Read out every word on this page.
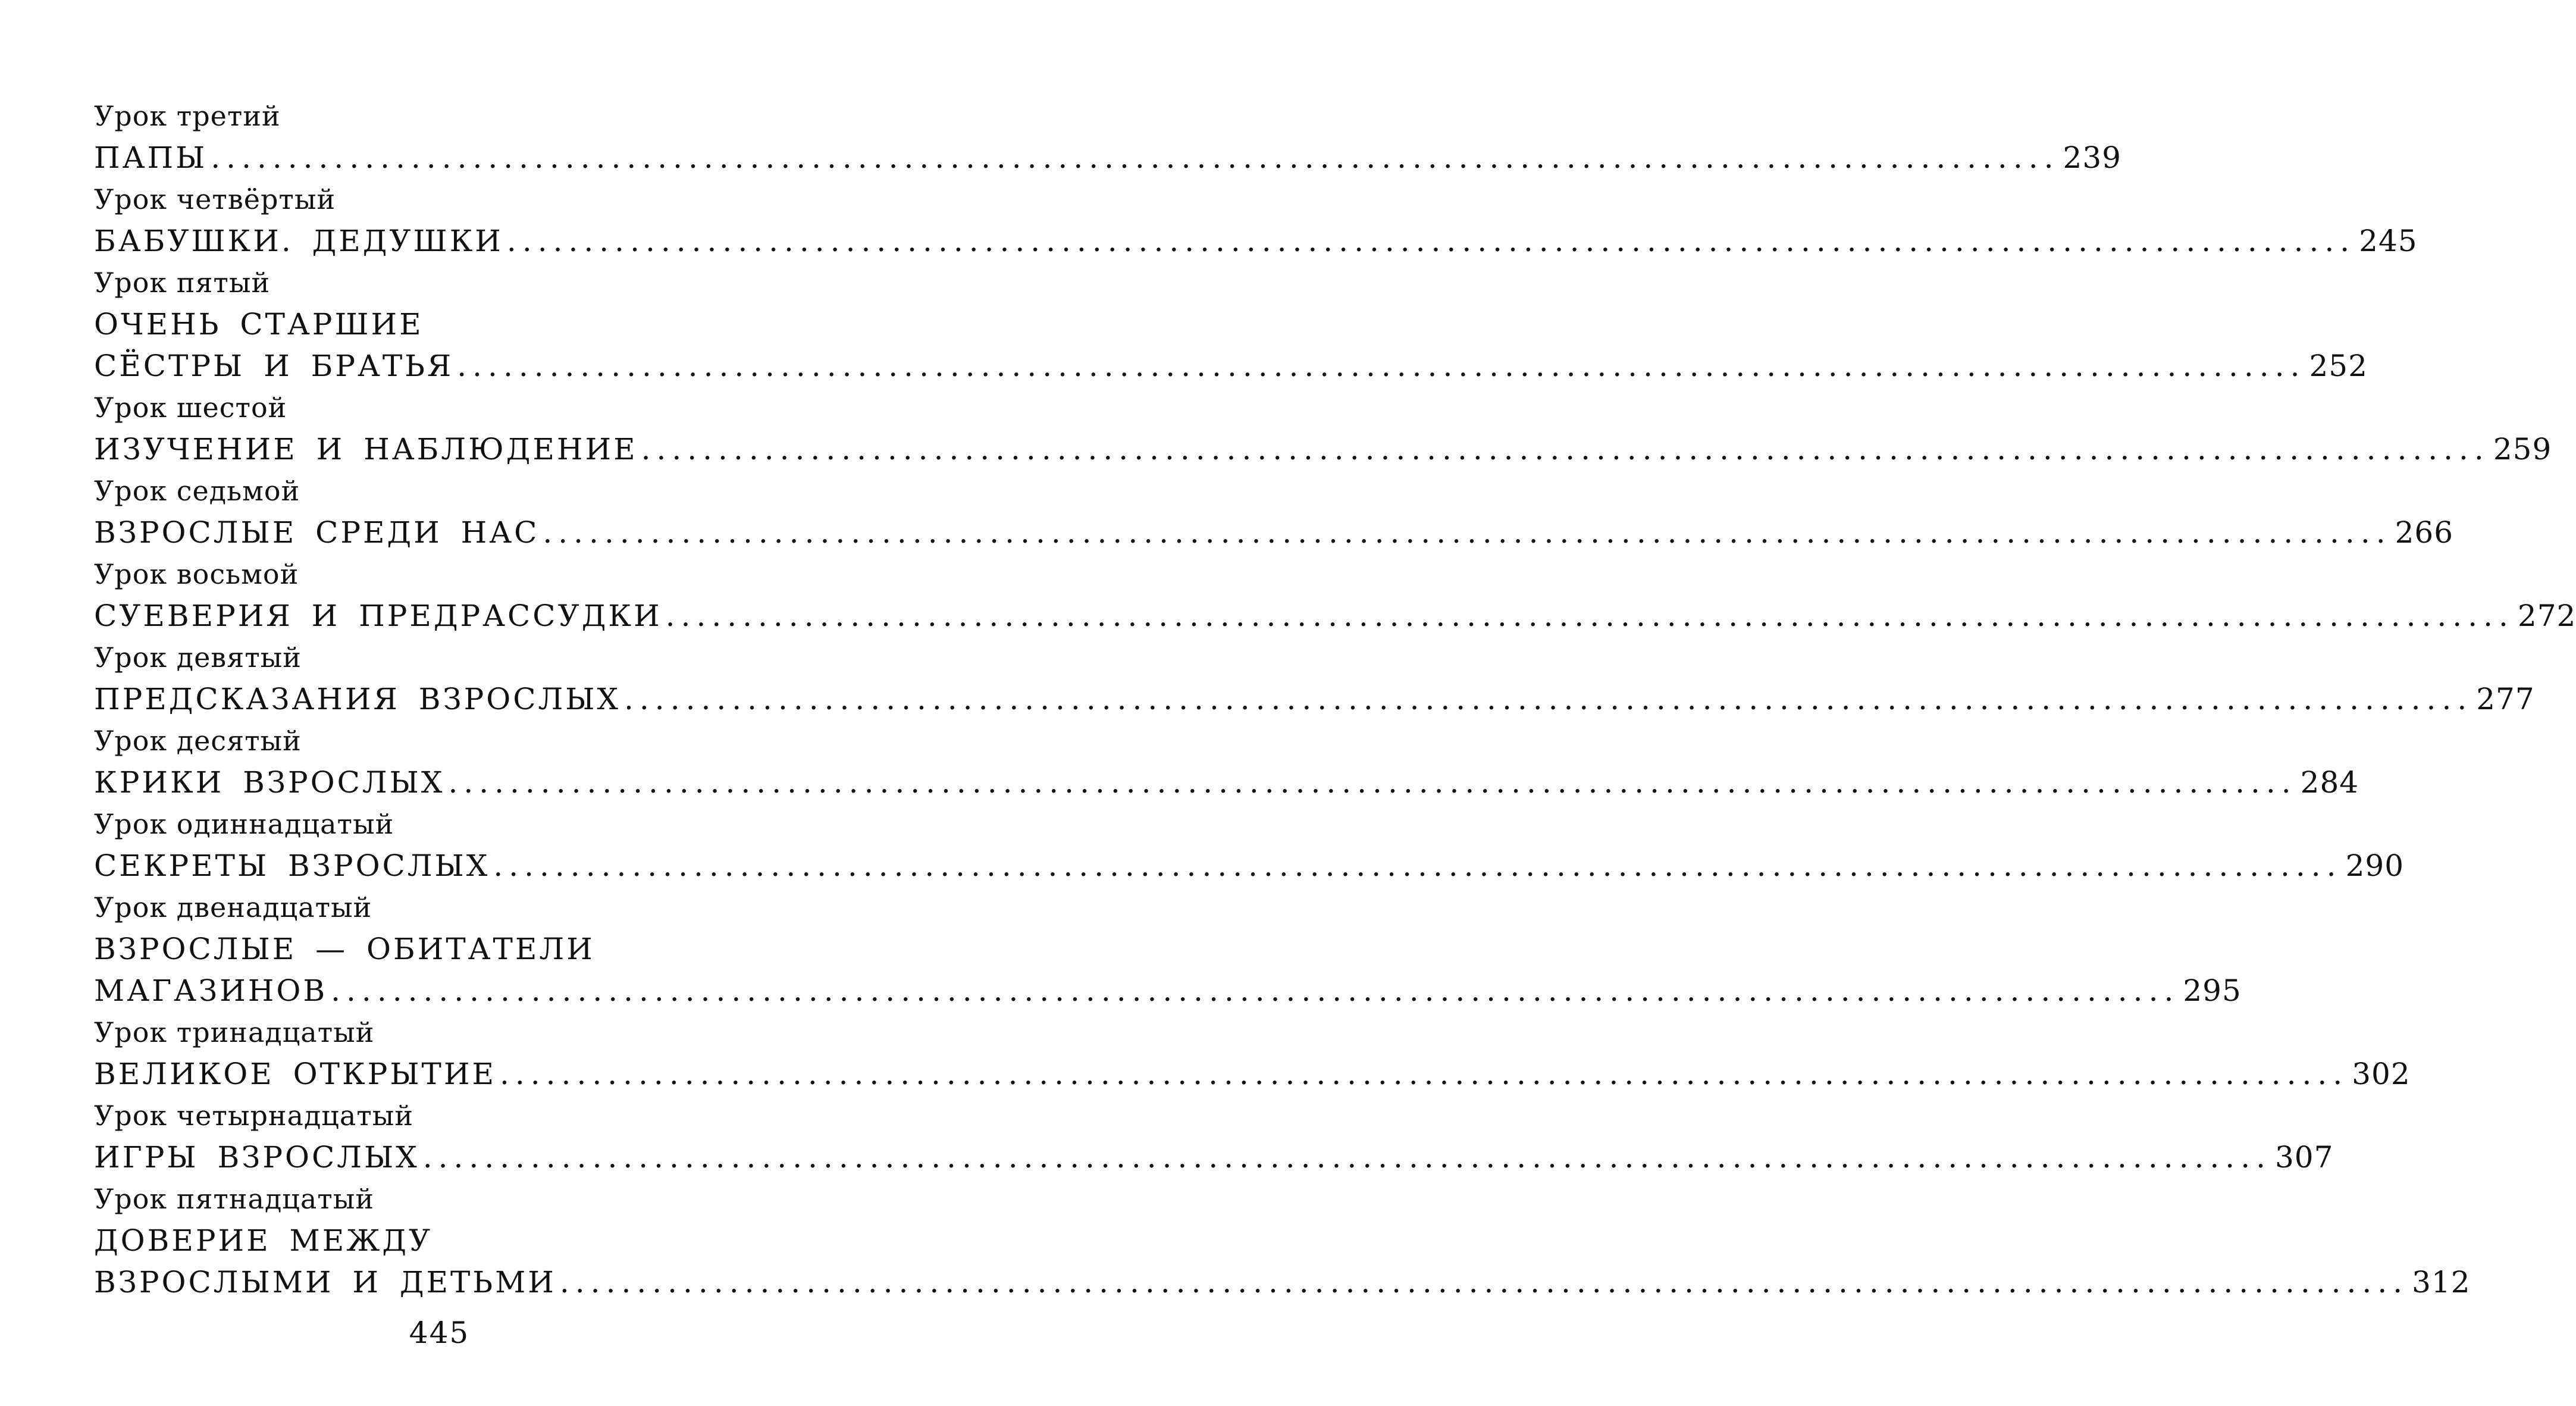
Урок третий
ПАПЫ ........................................................................................................................ 239
Урок четвёртый
БАБУШКИ. ДЕДУШКИ ........................................................................................................................ 245
Урок пятый
ОЧЕНЬ СТАРШИЕ
СЁСТРЫ И БРАТЬЯ ........................................................................................................................ 252
Урок шестой
ИЗУЧЕНИЕ И НАБЛЮДЕНИЕ ........................................................................................................................ 259
Урок седьмой
ВЗРОСЛЫЕ СРЕДИ НАС ........................................................................................................................ 266
Урок восьмой
СУЕВЕРИЯ И ПРЕДРАССУДКИ ........................................................................................................................ 272
Урок девятый
ПРЕДСКАЗАНИЯ ВЗРОСЛЫХ ........................................................................................................................ 277
Урок десятый
КРИКИ ВЗРОСЛЫХ ........................................................................................................................ 284
Урок одиннадцатый
СЕКРЕТЫ ВЗРОСЛЫХ ........................................................................................................................ 290
Урок двенадцатый
ВЗРОСЛЫЕ — ОБИТАТЕЛИ
МАГАЗИНОВ ........................................................................................................................ 295
Урок тринадцатый
ВЕЛИКОЕ ОТКРЫТИЕ ........................................................................................................................ 302
Урок четырнадцатый
ИГРЫ ВЗРОСЛЫХ ........................................................................................................................ 307
Урок пятнадцатый
ДОВЕРИЕ МЕЖДУ
ВЗРОСЛЫМИ И ДЕТЬМИ ........................................................................................................................ 312
445
